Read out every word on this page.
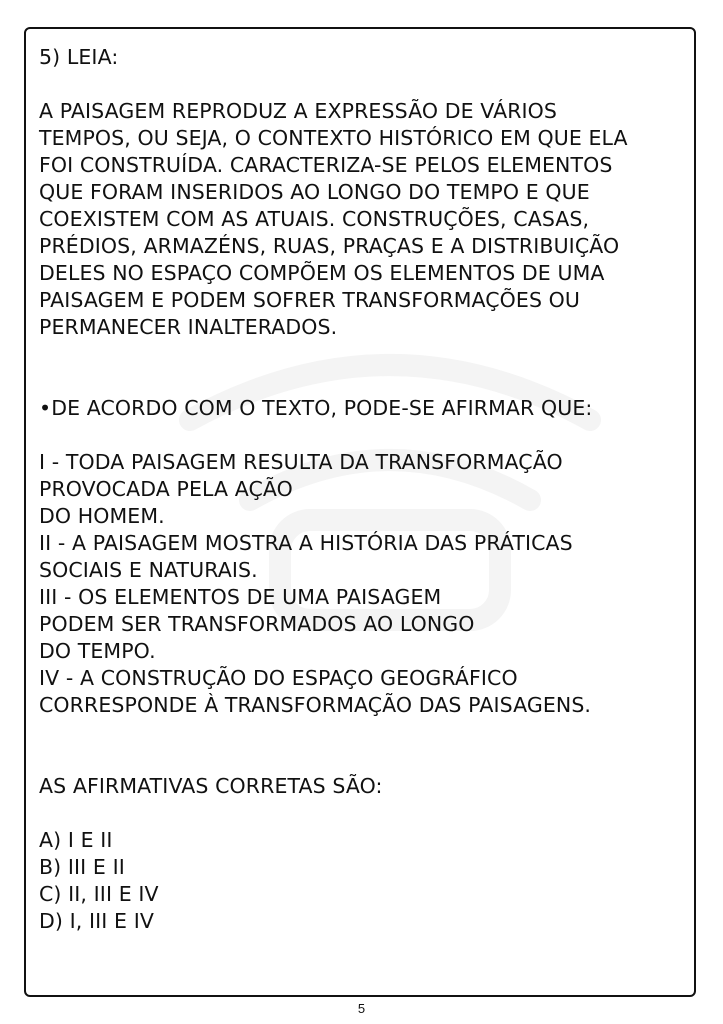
5) LEIA:
A PAISAGEM REPRODUZ A EXPRESSÃO DE VÁRIOS
TEMPOS, OU SEJA, O CONTEXTO HISTÓRICO EM QUE ELA
FOI CONSTRUÍDA. CARACTERIZA-SE PELOS ELEMENTOS
QUE FORAM INSERIDOS AO LONGO DO TEMPO E QUE
COEXISTEM COM AS ATUAIS. CONSTRUÇÕES, CASAS,
PRÉDIOS, ARMAZÉNS, RUAS, PRAÇAS E A DISTRIBUIÇÃO
DELES NO ESPAÇO COMPÕEM OS ELEMENTOS DE UMA
PAISAGEM E PODEM SOFRER TRANSFORMAÇÕES OU
PERMANECER INALTERADOS.
•DE ACORDO COM O TEXTO, PODE-SE AFIRMAR QUE:
I - TODA PAISAGEM RESULTA DA TRANSFORMAÇÃO
PROVOCADA PELA AÇÃO
DO HOMEM.
II - A PAISAGEM MOSTRA A HISTÓRIA DAS PRÁTICAS
SOCIAIS E NATURAIS.
III - OS ELEMENTOS DE UMA PAISAGEM
PODEM SER TRANSFORMADOS AO LONGO
DO TEMPO.
IV - A CONSTRUÇÃO DO ESPAÇO GEOGRÁFICO
CORRESPONDE À TRANSFORMAÇÃO DAS PAISAGENS.
AS AFIRMATIVAS CORRETAS SÃO:
A) I E II
B) III E II
C) II, III E IV
D) I, III E IV
5
